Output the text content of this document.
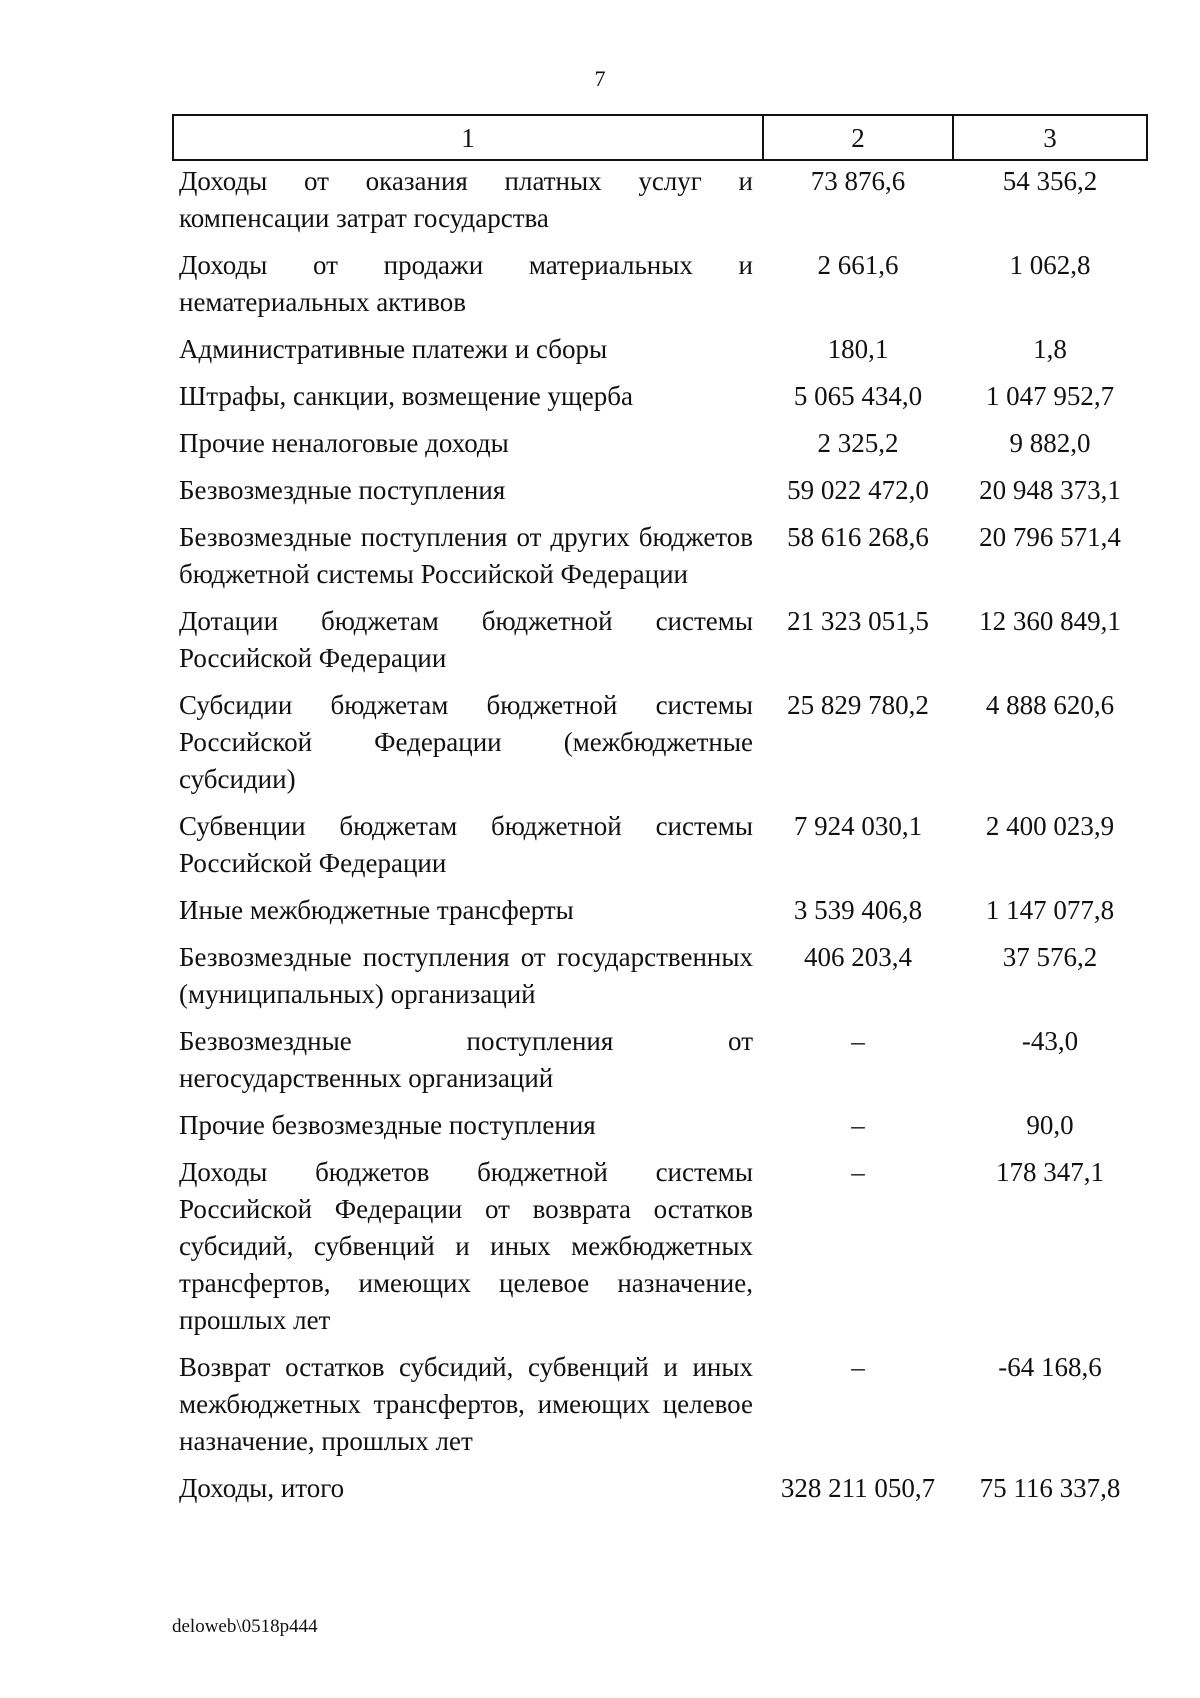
7
1	2	3
Доходы от оказания платных услуг и компенсации затрат государства	73 876,6	54 356,2
Доходы от продажи материальных и нематериальных активов	2 661,6	1 062,8
Административные платежи и сборы	180,1	1,8
Штрафы, санкции, возмещение ущерба	5 065 434,0	1 047 952,7
Прочие неналоговые доходы	2 325,2	9 882,0
Безвозмездные поступления	59 022 472,0	20 948 373,1
Безвозмездные поступления от других бюджетов бюджетной системы Российской Федерации	58 616 268,6	20 796 571,4
Дотации бюджетам бюджетной системы Российской Федерации	21 323 051,5	12 360 849,1
Субсидии бюджетам бюджетной системы Российской Федерации (межбюджетные субсидии)	25 829 780,2	4 888 620,6
Субвенции бюджетам бюджетной системы Российской Федерации	7 924 030,1	2 400 023,9
Иные межбюджетные трансферты	3 539 406,8	1 147 077,8
Безвозмездные поступления от государственных (муниципальных) организаций	406 203,4	37 576,2
Безвозмездные поступления от негосударственных организаций	–	-43,0
Прочие безвозмездные поступления	–	90,0
Доходы бюджетов бюджетной системы Российской Федерации от возврата остатков субсидий, субвенций и иных межбюджетных трансфертов, имеющих целевое назначение, прошлых лет	–	178 347,1
Возврат остатков субсидий, субвенций и иных межбюджетных трансфертов, имеющих целевое назначение, прошлых лет	–	-64 168,6
Доходы, итого	328 211 050,7	75 116 337,8
deloweb\0518p444
